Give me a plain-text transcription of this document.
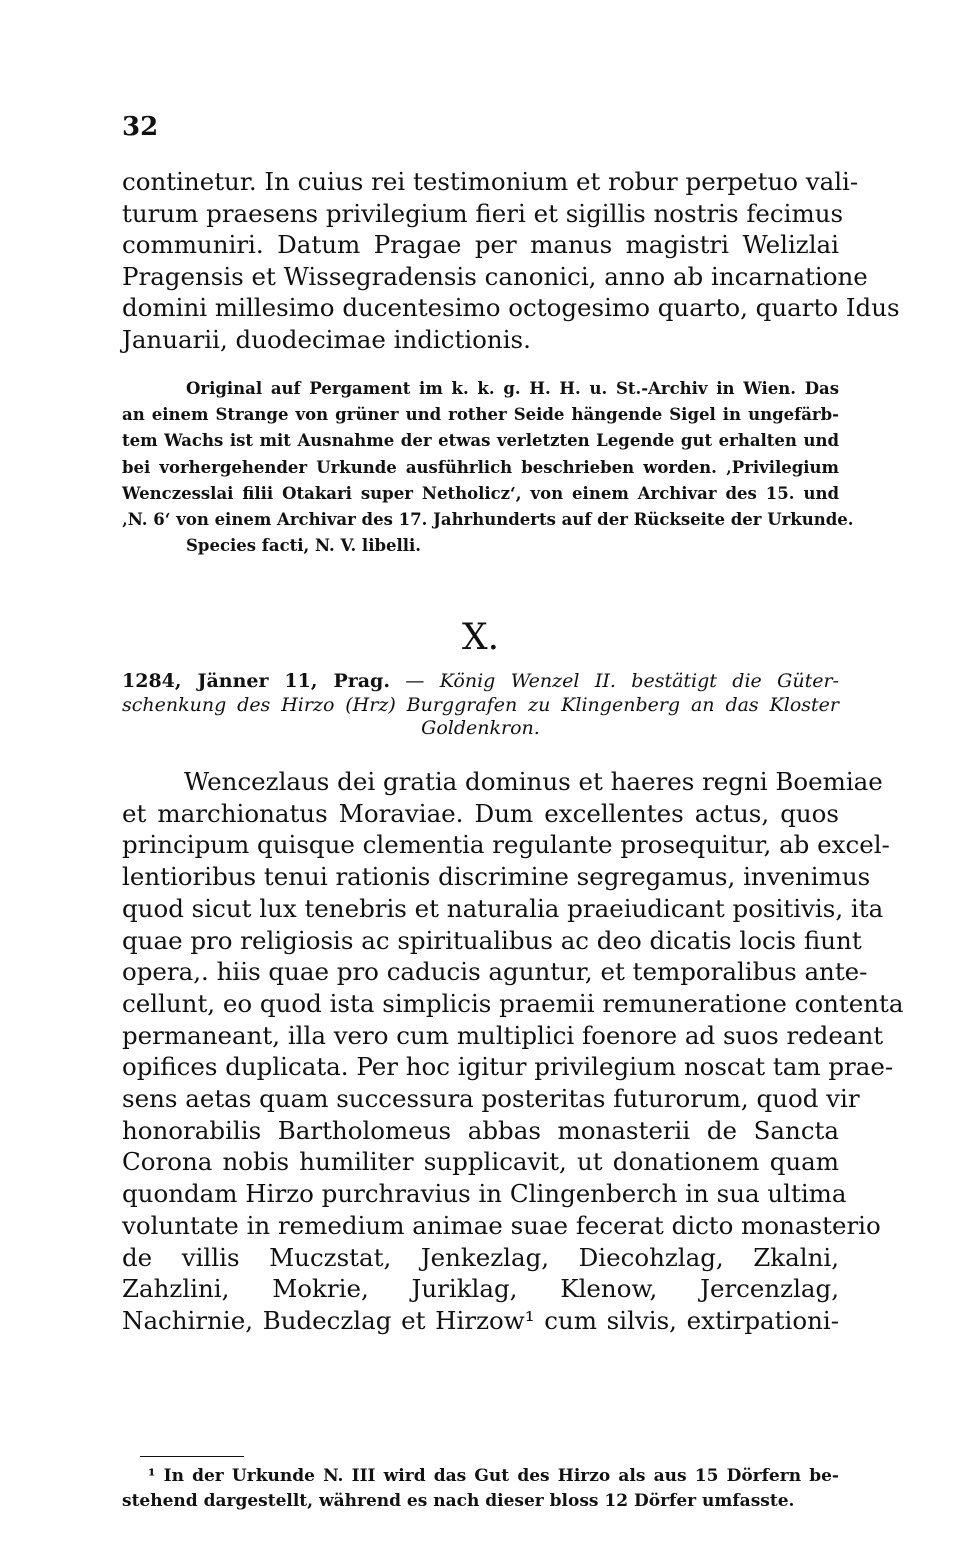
32
continetur. In cuius rei testimonium et robur perpetuo vali-
turum praesens privilegium fieri et sigillis nostris fecimus
communiri. Datum Pragae per manus magistri Welizlai
Pragensis et Wissegradensis canonici, anno ab incarnatione
domini millesimo ducentesimo octogesimo quarto, quarto Idus
Januarii, duodecimae indictionis.
Original auf Pergament im k. k. g. H. H. u. St.-Archiv in Wien. Das
an einem Strange von grüner und rother Seide hängende Sigel in ungefärb-
tem Wachs ist mit Ausnahme der etwas verletzten Legende gut erhalten und
bei vorhergehender Urkunde ausführlich beschrieben worden. ‚Privilegium
Wenczesslai filii Otakari super Netholicz‘, von einem Archivar des 15. und
‚N. 6‘ von einem Archivar des 17. Jahrhunderts auf der Rückseite der Urkunde.
Species facti, N. V. libelli.
X.
1284, Jänner 11, Prag. — König Wenzel II. bestätigt die Güter-
schenkung des Hirzo (Hrz) Burggrafen zu Klingenberg an das Kloster
Goldenkron.
Wencezlaus dei gratia dominus et haeres regni Boemiae
et marchionatus Moraviae. Dum excellentes actus, quos
principum quisque clementia regulante prosequitur, ab excel-
lentioribus tenui rationis discrimine segregamus, invenimus
quod sicut lux tenebris et naturalia praeiudicant positivis, ita
quae pro religiosis ac spiritualibus ac deo dicatis locis fiunt
opera,. hiis quae pro caducis aguntur, et temporalibus ante-
cellunt, eo quod ista simplicis praemii remuneratione contenta
permaneant, illa vero cum multiplici foenore ad suos redeant
opifices duplicata. Per hoc igitur privilegium noscat tam prae-
sens aetas quam successura posteritas futurorum, quod vir
honorabilis Bartholomeus abbas monasterii de Sancta
Corona nobis humiliter supplicavit, ut donationem quam
quondam Hirzo purchravius in Clingenberch in sua ultima
voluntate in remedium animae suae fecerat dicto monasterio
de villis Muczstat, Jenkezlag, Diecohzlag, Zkalni,
Zahzlini, Mokrie, Juriklag, Klenow, Jercenzlag,
Nachirnie, Budeczlag et Hirzow¹ cum silvis, extirpationi-
¹ In der Urkunde N. III wird das Gut des Hirzo als aus 15 Dörfern be-
stehend dargestellt, während es nach dieser bloss 12 Dörfer umfasste.
